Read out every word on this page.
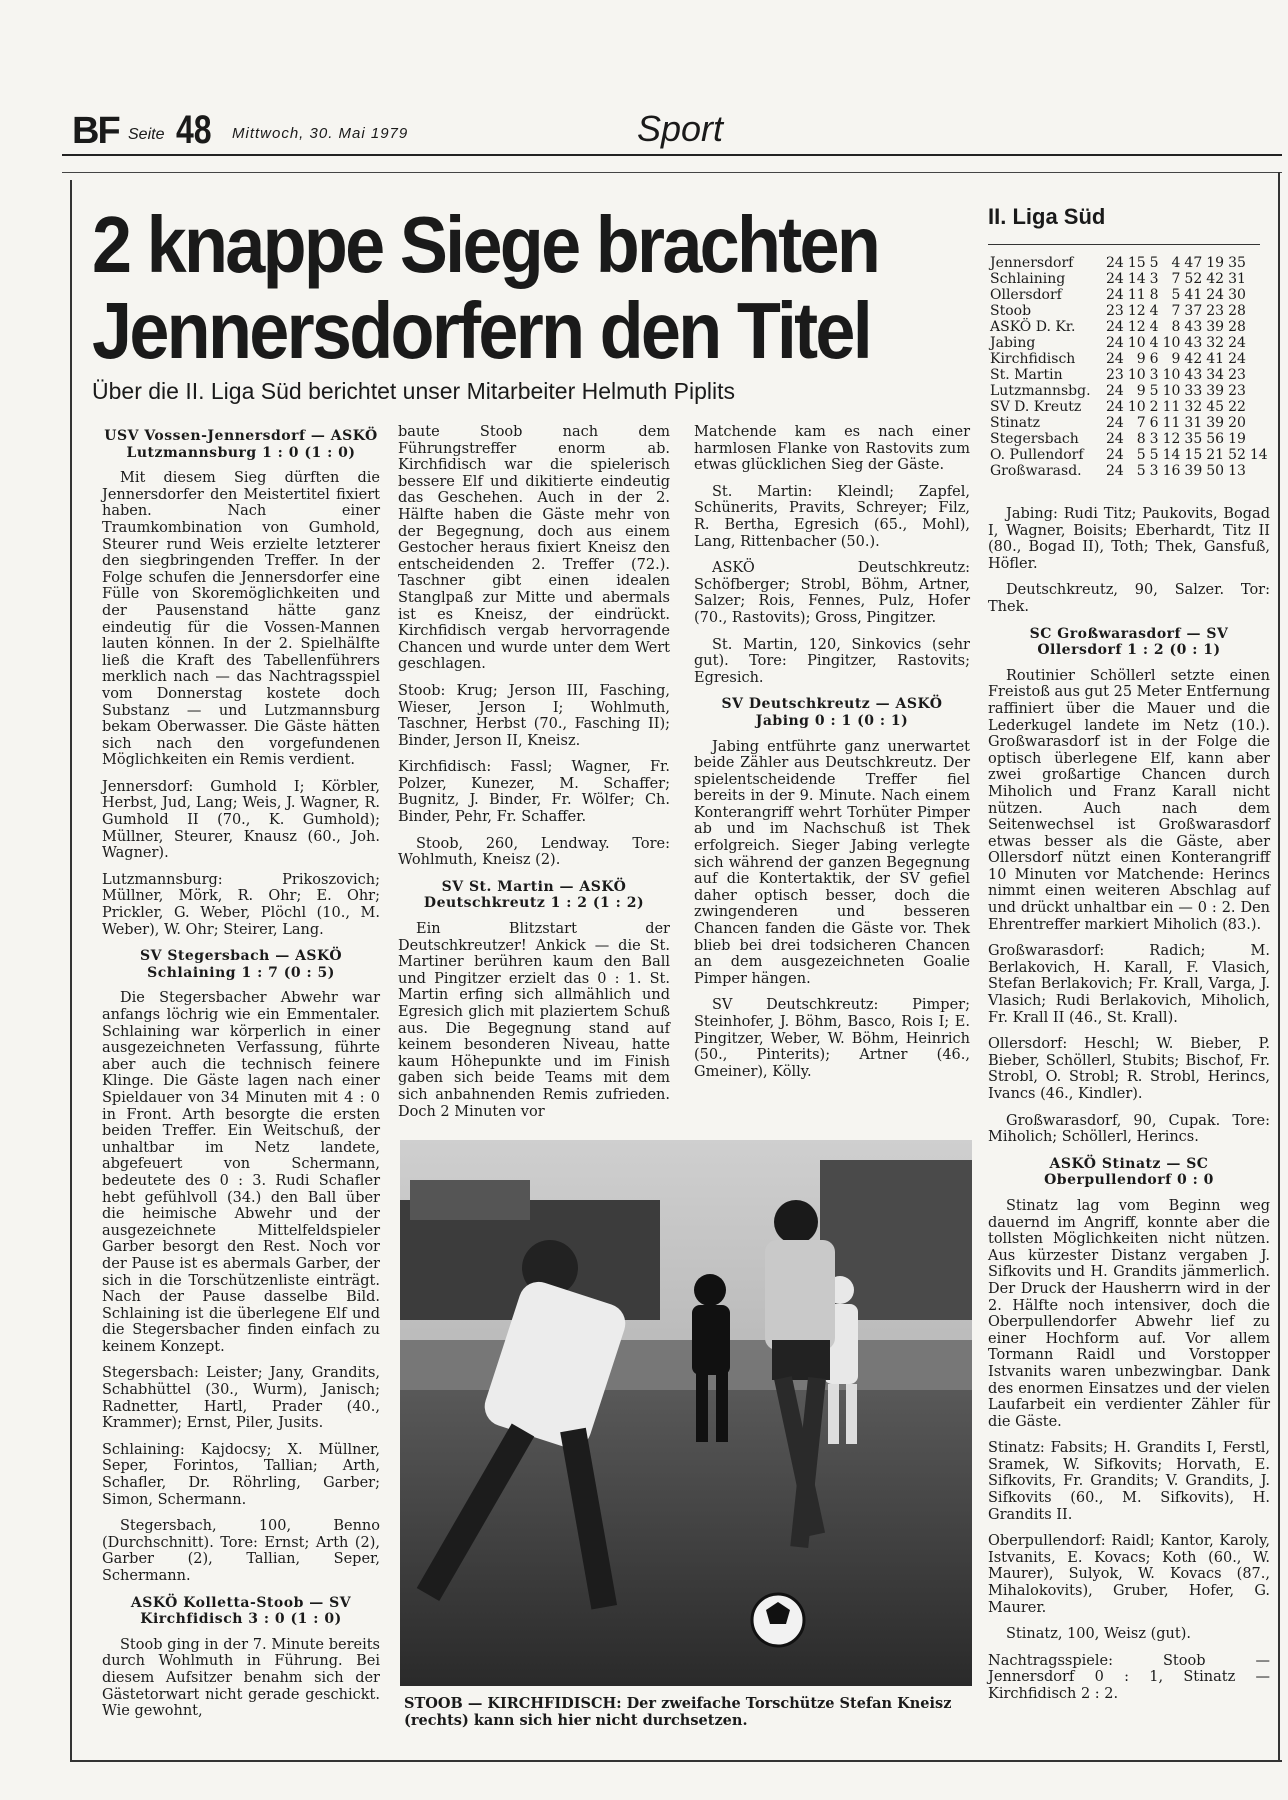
BF Seite 48 Mittwoch, 30. Mai 1979	Sport
2 knappe Siege brachten
Jennersdorfern den Titel
Über die II. Liga Süd berichtet unser Mitarbeiter Helmuth Piplits
II. Liga Süd
Jennersdorf	24	15	5	4	47	19	35	
Schlaining	24	14	3	7	52	42	31	
Ollersdorf	24	11	8	5	41	24	30	
Stoob	23	12	4	7	37	23	28	
ASKÖ D. Kr.	24	12	4	8	43	39	28	
Jabing	24	10	4	10	43	32	24	
Kirchfidisch	24	9	6	9	42	41	24	
St. Martin	23	10	3	10	43	34	23	
Lutzmannsbg.	24	9	5	10	33	39	23	
SV D. Kreutz	24	10	2	11	32	45	22	
Stinatz	24	7	6	11	31	39	20	
Stegersbach	24	8	3	12	35	56	19	
O. Pullendorf	24	5	5	14	15	21	52	14
Großwarasd.	24	5	3	16	39	50	13	
USV Vossen-Jennersdorf — ASKÖ Lutzmannsburg 1 : 0 (1 : 0)

Mit diesem Sieg dürften die Jennersdorfer den Meistertitel fixiert haben. Nach einer Traumkombination von Gumhold, Steurer rund Weis erzielte letzterer den siegbringenden Treffer. In der Folge schufen die Jennersdorfer eine Fülle von Skoremöglichkeiten und der Pausenstand hätte ganz eindeutig für die Vossen-Mannen lauten können. In der 2. Spielhälfte ließ die Kraft des Tabellenführers merklich nach — das Nachtragsspiel vom Donnerstag kostete doch Substanz — und Lutzmannsburg bekam Oberwasser. Die Gäste hätten sich nach den vorgefundenen Möglichkeiten ein Remis verdient.

Jennersdorf: Gumhold I; Körbler, Herbst, Jud, Lang; Weis, J. Wagner, R. Gumhold II (70., K. Gumhold); Müllner, Steurer, Knausz (60., Joh. Wagner).

Lutzmannsburg: Prikoszovich; Müllner, Mörk, R. Ohr; E. Ohr; Prickler, G. Weber, Plöchl (10., M. Weber), W. Ohr; Steirer, Lang.

SV Stegersbach — ASKÖ Schlaining 1 : 7 (0 : 5)

Die Stegersbacher Abwehr war anfangs löchrig wie ein Emmentaler. Schlaining war körperlich in einer ausgezeichneten Verfassung, führte aber auch die technisch feinere Klinge. Die Gäste lagen nach einer Spieldauer von 34 Minuten mit 4 : 0 in Front. Arth besorgte die ersten beiden Treffer. Ein Weitschuß, der unhaltbar im Netz landete, abgefeuert von Schermann, bedeutete des 0 : 3. Rudi Schafler hebt gefühlvoll (34.) den Ball über die heimische Abwehr und der ausgezeichnete Mittelfeldspieler Garber besorgt den Rest. Noch vor der Pause ist es abermals Garber, der sich in die Torschützenliste einträgt. Nach der Pause dasselbe Bild. Schlaining ist die überlegene Elf und die Stegersbacher finden einfach zu keinem Konzept.

Stegersbach: Leister; Jany, Grandits, Schabhüttel (30., Wurm), Janisch; Radnetter, Hartl, Prader (40., Krammer); Ernst, Piler, Jusits.

Schlaining: Kajdocsy; X. Müllner, Seper, Forintos, Tallian; Arth, Schafler, Dr. Röhrling, Garber; Simon, Schermann.

Stegersbach, 100, Benno (Durchschnitt). Tore: Ernst; Arth (2), Garber (2), Tallian, Seper, Schermann.

ASKÖ Kolletta-Stoob — SV Kirchfidisch 3 : 0 (1 : 0)

Stoob ging in der 7. Minute bereits durch Wohlmuth in Führung. Bei diesem Aufsitzer benahm sich der Gästetorwart nicht gerade geschickt. Wie gewohnt,

baute Stoob nach dem Führungstreffer enorm ab. Kirchfidisch war die spielerisch bessere Elf und dikitierte eindeutig das Geschehen. Auch in der 2. Hälfte haben die Gäste mehr von der Begegnung, doch aus einem Gestocher heraus fixiert Kneisz den entscheidenden 2. Treffer (72.). Taschner gibt einen idealen Stanglpaß zur Mitte und abermals ist es Kneisz, der eindrückt. Kirchfidisch vergab hervorragende Chancen und wurde unter dem Wert geschlagen.

Stoob: Krug; Jerson III, Fasching, Wieser, Jerson I; Wohlmuth, Taschner, Herbst (70., Fasching II); Binder, Jerson II, Kneisz.

Kirchfidisch: Fassl; Wagner, Fr. Polzer, Kunezer, M. Schaffer; Bugnitz, J. Binder, Fr. Wölfer; Ch. Binder, Pehr, Fr. Schaffer.

Stoob, 260, Lendway. Tore: Wohlmuth, Kneisz (2).

SV St. Martin — ASKÖ Deutschkreutz 1 : 2 (1 : 2)

Ein Blitzstart der Deutschkreutzer! Ankick — die St. Martiner berühren kaum den Ball und Pingitzer erzielt das 0 : 1. St. Martin erfing sich allmählich und Egresich glich mit plaziertem Schuß aus. Die Begegnung stand auf keinem besonderen Niveau, hatte kaum Höhepunkte und im Finish gaben sich beide Teams mit dem sich anbahnenden Remis zufrieden. Doch 2 Minuten vor

Matchende kam es nach einer harmlosen Flanke von Rastovits zum etwas glücklichen Sieg der Gäste.

St. Martin: Kleindl; Zapfel, Schünerits, Pravits, Schreyer; Filz, R. Bertha, Egresich (65., Mohl), Lang, Rittenbacher (50.).

ASKÖ Deutschkreutz: Schöfberger; Strobl, Böhm, Artner, Salzer; Rois, Fennes, Pulz, Hofer (70., Rastovits); Gross, Pingitzer.

St. Martin, 120, Sinkovics (sehr gut). Tore: Pingitzer, Rastovits; Egresich.

SV Deutschkreutz — ASKÖ Jabing 0 : 1 (0 : 1)

Jabing entführte ganz unerwartet beide Zähler aus Deutschkreutz. Der spielentscheidende Treffer fiel bereits in der 9. Minute. Nach einem Konterangriff wehrt Torhüter Pimper ab und im Nachschuß ist Thek erfolgreich. Sieger Jabing verlegte sich während der ganzen Begegnung auf die Kontertaktik, der SV gefiel daher optisch besser, doch die zwingenderen und besseren Chancen fanden die Gäste vor. Thek blieb bei drei todsicheren Chancen an dem ausgezeichneten Goalie Pimper hängen.

SV Deutschkreutz: Pimper; Steinhofer, J. Böhm, Basco, Rois I; E. Pingitzer, Weber, W. Böhm, Heinrich (50., Pinterits); Artner (46., Gmeiner), Kölly.

Jabing: Rudi Titz; Paukovits, Bogad I, Wagner, Boisits; Eberhardt, Titz II (80., Bogad II), Toth; Thek, Gansfuß, Höfler.

Deutschkreutz, 90, Salzer. Tor: Thek.

SC Großwarasdorf — SV Ollersdorf 1 : 2 (0 : 1)

Routinier Schöllerl setzte einen Freistoß aus gut 25 Meter Entfernung raffiniert über die Mauer und die Lederkugel landete im Netz (10.). Großwarasdorf ist in der Folge die optisch überlegene Elf, kann aber zwei großartige Chancen durch Miholich und Franz Karall nicht nützen. Auch nach dem Seitenwechsel ist Großwarasdorf etwas besser als die Gäste, aber Ollersdorf nützt einen Konterangriff 10 Minuten vor Matchende: Herincs nimmt einen weiteren Abschlag auf und drückt unhaltbar ein — 0 : 2. Den Ehrentreffer markiert Miholich (83.).

Großwarasdorf: Radich; M. Berlakovich, H. Karall, F. Vlasich, Stefan Berlakovich; Fr. Krall, Varga, J. Vlasich; Rudi Berlakovich, Miholich, Fr. Krall II (46., St. Krall).

Ollersdorf: Heschl; W. Bieber, P. Bieber, Schöllerl, Stubits; Bischof, Fr. Strobl, O. Strobl; R. Strobl, Herincs, Ivancs (46., Kindler).

Großwarasdorf, 90, Cupak. Tore: Miholich; Schöllerl, Herincs.

ASKÖ Stinatz — SC Oberpullendorf 0 : 0

Stinatz lag vom Beginn weg dauernd im Angriff, konnte aber die tollsten Möglichkeiten nicht nützen. Aus kürzester Distanz vergaben J. Sifkovits und H. Grandits jämmerlich. Der Druck der Hausherrn wird in der 2. Hälfte noch intensiver, doch die Oberpullendorfer Abwehr lief zu einer Hochform auf. Vor allem Tormann Raidl und Vorstopper Istvanits waren unbezwingbar. Dank des enormen Einsatzes und der vielen Laufarbeit ein verdienter Zähler für die Gäste.

Stinatz: Fabsits; H. Grandits I, Ferstl, Sramek, W. Sifkovits; Horvath, E. Sifkovits, Fr. Grandits; V. Grandits, J. Sifkovits (60., M. Sifkovits), H. Grandits II.

Oberpullendorf: Raidl; Kantor, Karoly, Istvanits, E. Kovacs; Koth (60., W. Maurer), Sulyok, W. Kovacs (87., Mihalokovits), Gruber, Hofer, G. Maurer.

Stinatz, 100, Weisz (gut).

Nachtragsspiele: Stoob — Jennersdorf 0 : 1, Stinatz — Kirchfidisch 2 : 2.

STOOB — KIRCHFIDISCH: Der zweifache Torschütze Stefan Kneisz (rechts) kann sich hier nicht durchsetzen.
